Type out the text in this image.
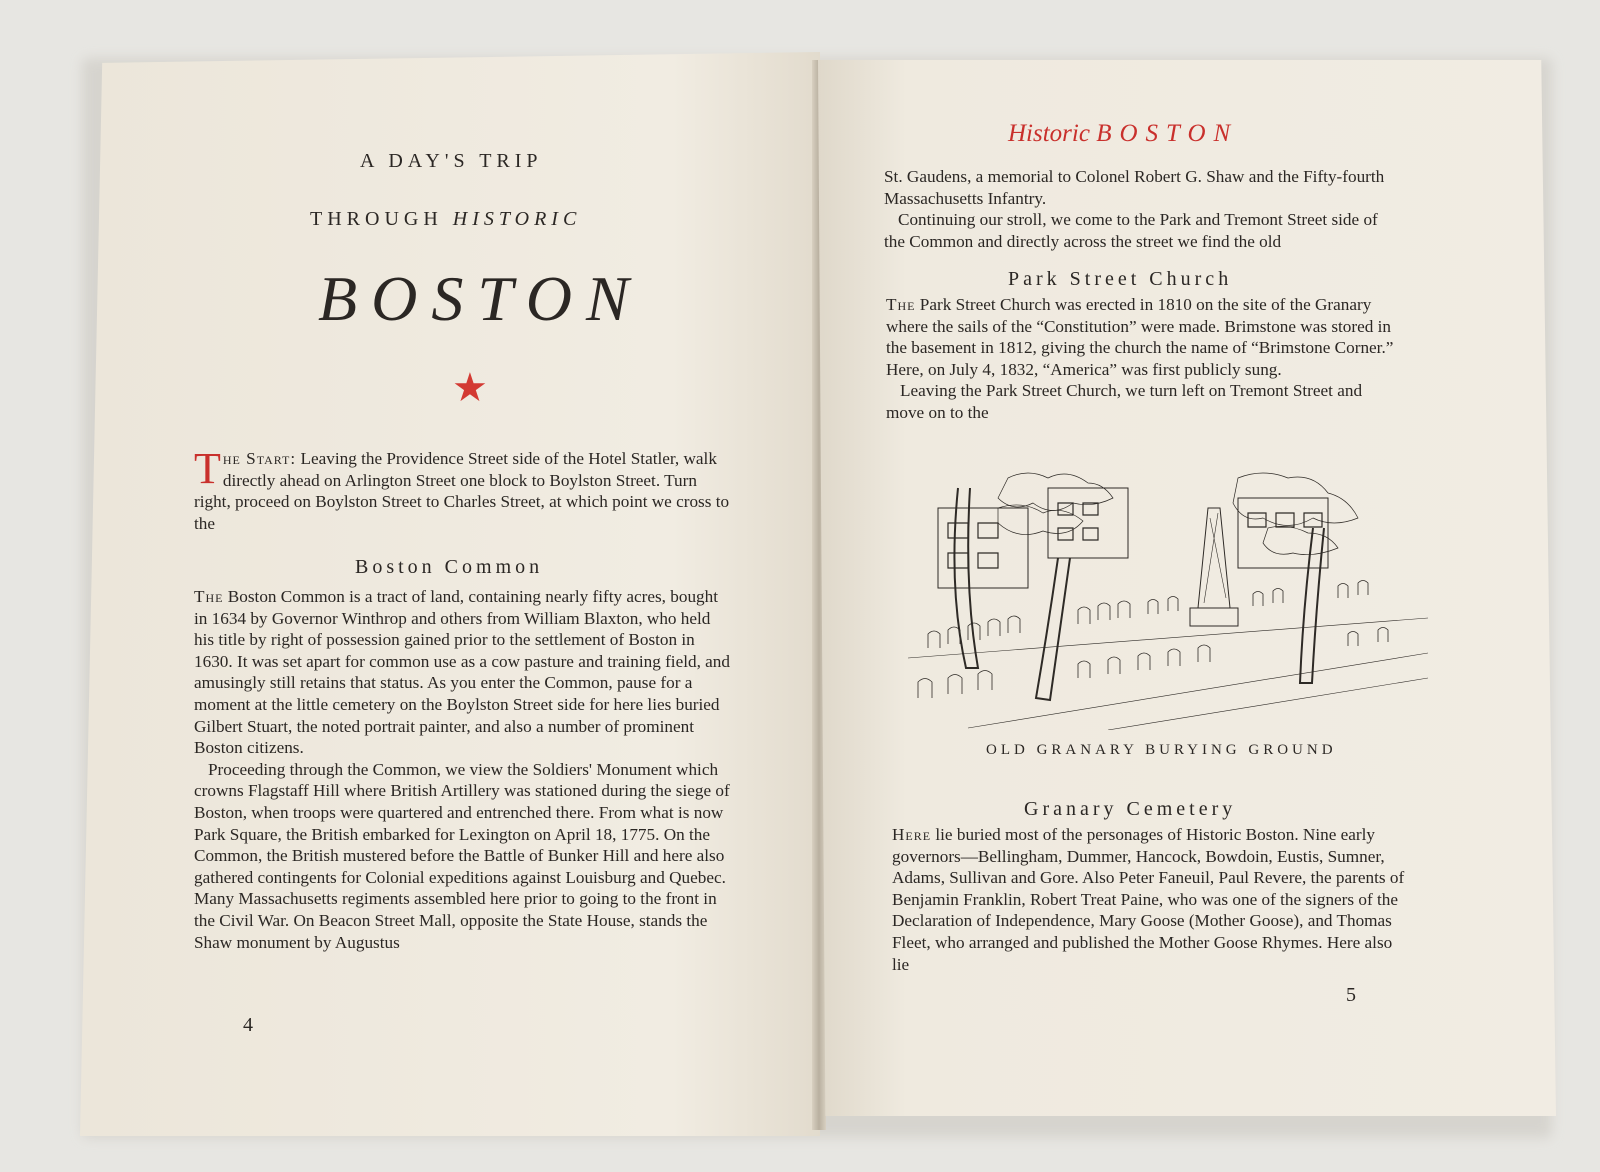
A DAY'S TRIP
THROUGH HISTORIC
BOSTON
★
T he Start: Leaving the Providence Street side of the Hotel Statler, walk directly ahead on Arlington Street one block to Boylston Street. Turn right, proceed on Boylston Street to Charles Street, at which point we cross to the
Boston Common

The Boston Common is a tract of land, containing nearly fifty acres, bought in 1634 by Governor Winthrop and others from William Blaxton, who held his title by right of possession gained prior to the settlement of Boston in 1630. It was set apart for common use as a cow pasture and training field, and amusingly still retains that status. As you enter the Common, pause for a moment at the little cemetery on the Boylston Street side for here lies buried Gilbert Stuart, the noted portrait painter, and also a number of prominent Boston citizens.

Proceeding through the Common, we view the Soldiers' Monument which crowns Flagstaff Hill where British Artillery was stationed during the siege of Boston, when troops were quartered and entrenched there. From what is now Park Square, the British embarked for Lexington on April 18, 1775. On the Common, the British mustered before the Battle of Bunker Hill and here also gathered contingents for Colonial expeditions against Louisburg and Quebec. Many Massachusetts regiments assembled here prior to going to the front in the Civil War. On Beacon Street Mall, opposite the State House, stands the Shaw monument by Augustus

4
Historic BOSTON

St. Gaudens, a memorial to Colonel Robert G. Shaw and the Fifty-fourth Massachusetts Infantry.

Continuing our stroll, we come to the Park and Tremont Street side of the Common and directly across the street we find the old

Park Street Church

The Park Street Church was erected in 1810 on the site of the Granary where the sails of the “Constitution” were made. Brimstone was stored in the basement in 1812, giving the church the name of “Brimstone Corner.” Here, on July 4, 1832, “America” was first publicly sung.

Leaving the Park Street Church, we turn left on Tremont Street and move on to the

OLD GRANARY BURYING GROUND
Granary Cemetery

Here lie buried most of the personages of Historic Boston. Nine early governors—Bellingham, Dummer, Hancock, Bowdoin, Eustis, Sumner, Adams, Sullivan and Gore. Also Peter Faneuil, Paul Revere, the parents of Benjamin Franklin, Robert Treat Paine, who was one of the signers of the Declaration of Independence, Mary Goose (Mother Goose), and Thomas Fleet, who arranged and published the Mother Goose Rhymes. Here also lie

5
